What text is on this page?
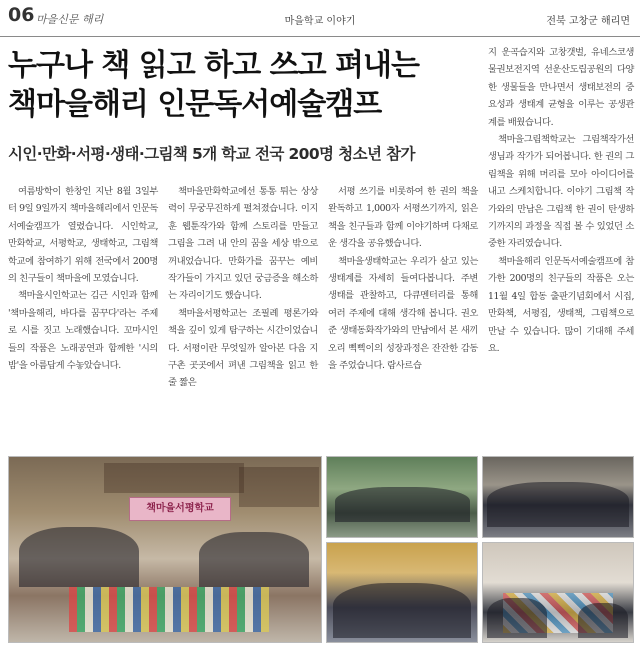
06 마을신문 해리	마을학교 이야기	전북 고창군 해리면
누구나 책 읽고 하고 쓰고 펴내는
책마을해리 인문독서예술캠프
시인·만화·서평·생태·그림책 5개 학교 전국 200명 청소년 참가

여름방학이 한창인 지난 8월 3일부터 9일 9일까지 책마을해리에서 인문독서예술캠프가 열렸습니다. 시인학교, 만화학교, 서평학교, 생태학교, 그림책학교에 참여하기 위해 전국에서 200명의 친구들이 책마을에 모였습니다.

책마을시인학교는 김근 시인과 함께 '책마을해리, 바다를 꿈꾸다'라는 주제로 시를 짓고 노래했습니다. 꼬마시인들의 작품은 노래공연과 함께한 '시의 밤'을 아름답게 수놓았습니다.

책마을만화학교에선 통통 튀는 상상력이 무궁무진하게 펼쳐졌습니다. 이지훈 웹툰작가와 함께 스토리를 만들고 그림을 그려 내 안의 꿈을 세상 밖으로 꺼내었습니다. 만화가를 꿈꾸는 예비 작가들이 가지고 있던 궁금증을 해소하는 자리이기도 했습니다.

책마을서평학교는 조필례 평론가와 책을 깊이 있게 탐구하는 시간이었습니다. 서평이란 무엇일까 알아본 다음 지구촌 곳곳에서 펴낸 그림책을 읽고 한 줄 짧은

서평 쓰기를 비롯하여 한 권의 책을 완독하고 1,000자 서평쓰기까지, 읽은 책을 친구들과 함께 이야기하며 다채로운 생각을 공유했습니다.

책마을생태학교는 우리가 살고 있는 생태계를 자세히 들여다봅니다. 주변 생태를 관찰하고, 다큐멘터리를 통해 여러 주제에 대해 생각해 봅니다. 권오준 생태동화작가와의 만남에서 본 새끼오리 삑삑이의 성장과정은 잔잔한 감동을 주었습니다. 람사르습

지 운곡습지와 고창갯벌, 유네스코생물권보전지역 선운산도립공원의 다양한 생물들을 만나면서 생태보전의 중요성과 생태계 균형을 이루는 공생관계를 배웠습니다.

책마을그림책학교는 그림책작가선생님과 작가가 되어봅니다. 한 권의 그림책을 위해 머리를 모아 아이디어를 내고 스케치합니다. 이야기 그림책 작가와의 만남은 그림책 한 권이 탄생하기까지의 과정을 직접 볼 수 있었던 소중한 자리였습니다.

책마을해리 인문독서예술캠프에 참가한 200명의 친구들의 작품은 오는 11월 4일 합동 출판기념회에서 시집, 만화책, 서평집, 생태책, 그림책으로 만날 수 있습니다. 많이 기대해 주세요.

책마을서평학교
